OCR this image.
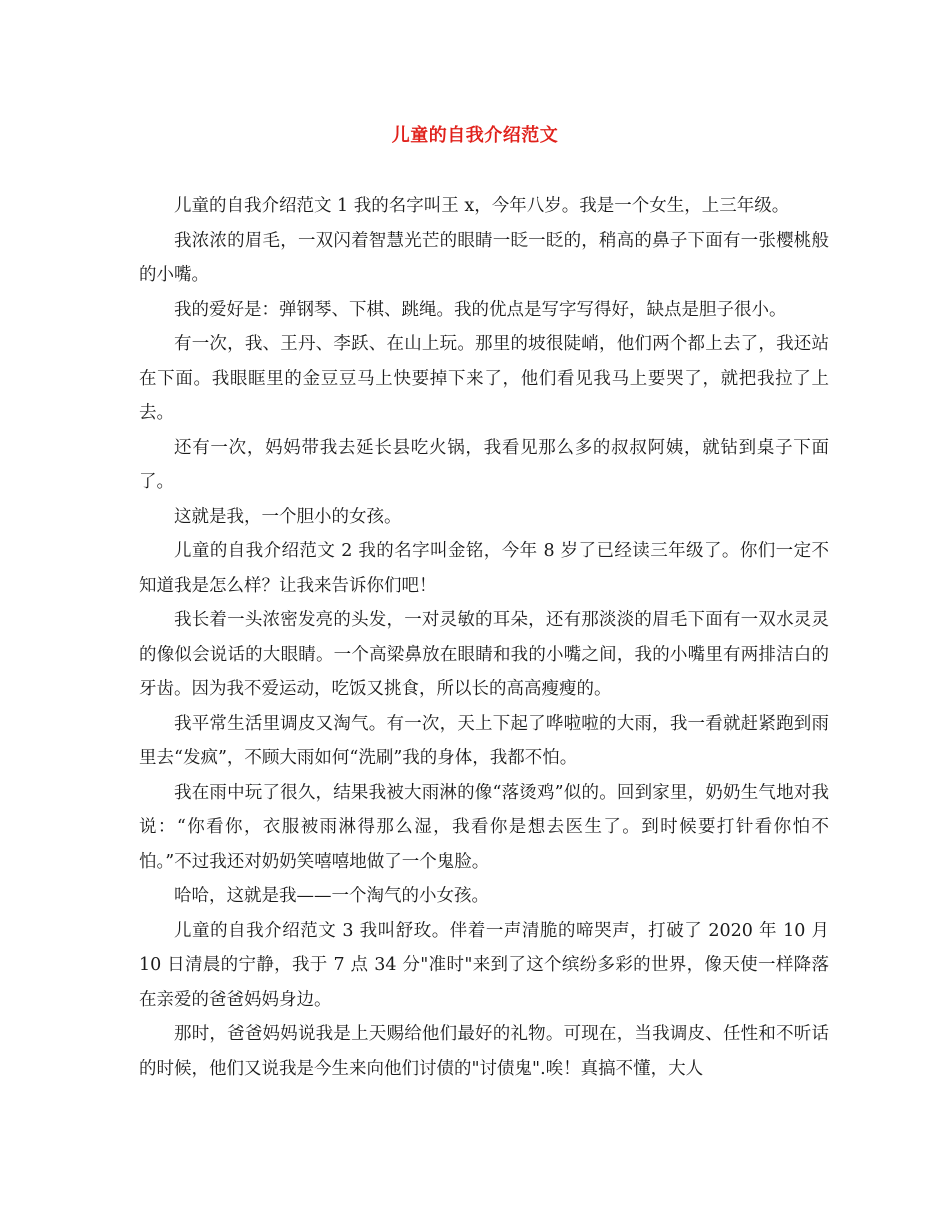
儿童的自我介绍范文

儿童的自我介绍范文 1 我的名字叫王 x，今年八岁。我是一个女生，上三年级。

我浓浓的眉毛，一双闪着智慧光芒的眼睛一眨一眨的，稍高的鼻子下面有一张樱桃般的小嘴。

我的爱好是：弹钢琴、下棋、跳绳。我的优点是写字写得好，缺点是胆子很小。

有一次，我、王丹、李跃、在山上玩。那里的坡很陡峭，他们两个都上去了，我还站在下面。我眼眶里的金豆豆马上快要掉下来了，他们看见我马上要哭了，就把我拉了上去。

还有一次，妈妈带我去延长县吃火锅，我看见那么多的叔叔阿姨，就钻到桌子下面了。

这就是我，一个胆小的女孩。

儿童的自我介绍范文 2 我的名字叫金铭，今年 8 岁了已经读三年级了。你们一定不知道我是怎么样？让我来告诉你们吧！

我长着一头浓密发亮的头发，一对灵敏的耳朵，还有那淡淡的眉毛下面有一双水灵灵的像似会说话的大眼睛。一个高梁鼻放在眼睛和我的小嘴之间，我的小嘴里有两排洁白的牙齿。因为我不爱运动，吃饭又挑食，所以长的高高瘦瘦的。

我平常生活里调皮又淘气。有一次，天上下起了哗啦啦的大雨，我一看就赶紧跑到雨里去“发疯”，不顾大雨如何“洗刷”我的身体，我都不怕。

我在雨中玩了很久，结果我被大雨淋的像“落烫鸡”似的。回到家里，奶奶生气地对我说：“你看你，衣服被雨淋得那么湿，我看你是想去医生了。到时候要打针看你怕不怕。”不过我还对奶奶笑嘻嘻地做了一个鬼脸。

哈哈，这就是我——一个淘气的小女孩。

儿童的自我介绍范文 3 我叫舒玫。伴着一声清脆的啼哭声，打破了 2020 年 10 月 10 日清晨的宁静，我于 7 点 34 分"准时"来到了这个缤纷多彩的世界，像天使一样降落在亲爱的爸爸妈妈身边。

那时，爸爸妈妈说我是上天赐给他们最好的礼物。可现在，当我调皮、任性和不听话的时候，他们又说我是今生来向他们讨债的"讨债鬼".唉！真搞不懂，大人
